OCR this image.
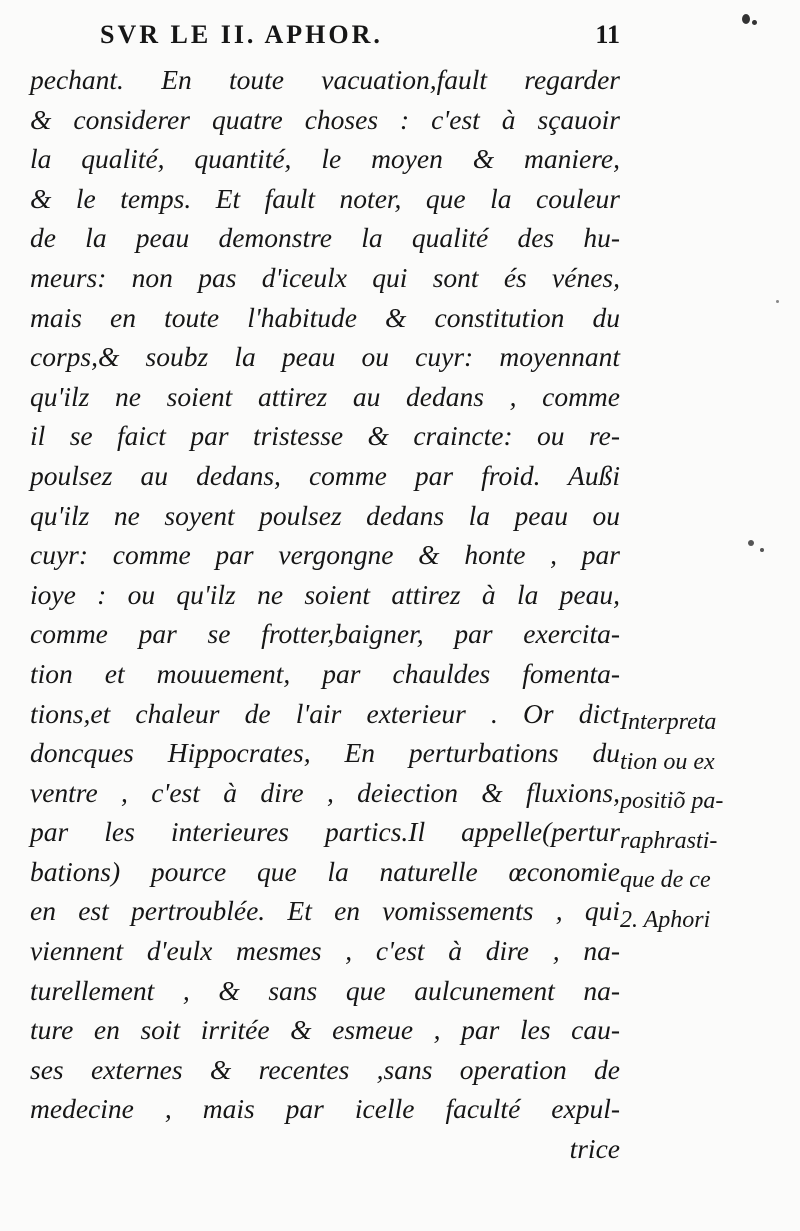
SVR LE II. APHOR.	11
pechant. En toute vacuation,fault regarder
& considerer quatre choses : c'est à sçauoir
la qualité, quantité, le moyen & maniere,
& le temps. Et fault noter, que la couleur
de la peau demonstre la qualité des hu-
meurs: non pas d'iceulx qui sont és vénes,
mais en toute l'habitude & constitution du
corps,& soubz la peau ou cuyr: moyennant
qu'ilz ne soient attirez au dedans , comme
il se faict par tristesse & craincte: ou re-
poulsez au dedans, comme par froid. Außi
qu'ilz ne soyent poulsez dedans la peau ou
cuyr: comme par vergongne & honte , par
ioye : ou qu'ilz ne soient attirez à la peau,
comme par se frotter,baigner, par exercita-
tion et mouuement, par chauldes fomenta-
tions,et chaleur de l'air exterieur . Or dict
doncques Hippocrates, En perturbations du
ventre , c'est à dire , deiection & fluxions,
par les interieures partics.Il appelle(pertur
bations) pource que la naturelle œconomie
en est pertroublée. Et en vomissements , qui
viennent d'eulx mesmes , c'est à dire , na-
turellement , & sans que aulcunement na-
ture en soit irritée & esmeue , par les cau-
ses externes & recentes ,sans operation de
medecine , mais par icelle faculté expul-
trice
Interpreta
tion ou ex
positiõ pa-
raphrasti-
que de ce
2. Aphori
